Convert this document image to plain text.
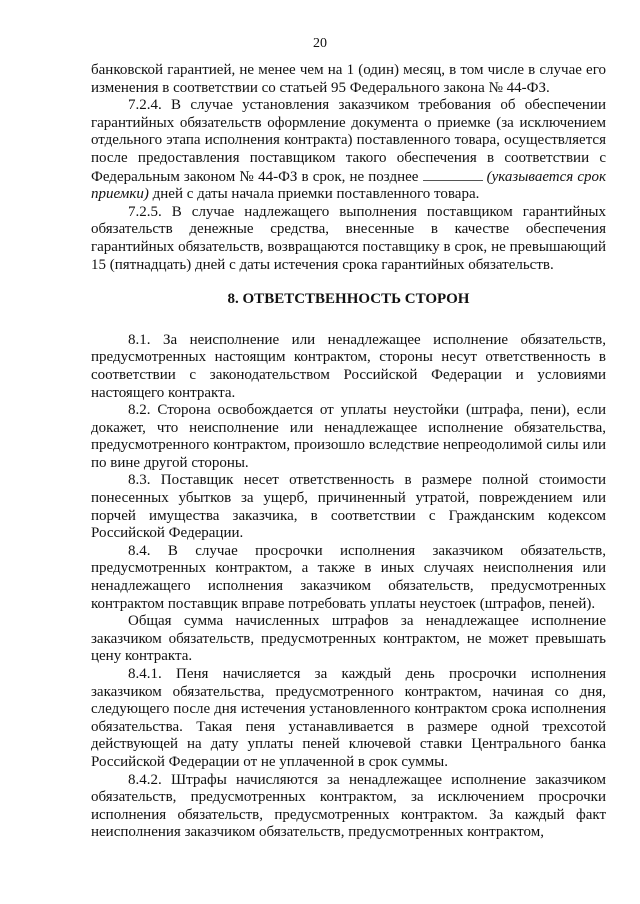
20

банковской гарантией, не менее чем на 1 (один) месяц, в том числе в случае его изменения в соответствии со статьей 95 Федерального закона № 44-ФЗ.

7.2.4. В случае установления заказчиком требования об обеспечении гарантийных обязательств оформление документа о приемке (за исключением отдельного этапа исполнения контракта) поставленного товара, осуществляется после предоставления поставщиком такого обеспечения в соответствии с Федеральным законом № 44-ФЗ в срок, не позднее	(указывается срок приемки) дней с даты начала приемки поставленного товара.

7.2.5. В случае надлежащего выполнения поставщиком гарантийных обязательств денежные средства, внесенные в качестве обеспечения гарантийных обязательств, возвращаются поставщику в срок, не превышающий 15 (пятнадцать) дней с даты истечения срока гарантийных обязательств.

8. ОТВЕТСТВЕННОСТЬ СТОРОН

8.1. За неисполнение или ненадлежащее исполнение обязательств, предусмотренных настоящим контрактом, стороны несут ответственность в соответствии с законодательством Российской Федерации и условиями настоящего контракта.

8.2. Сторона освобождается от уплаты неустойки (штрафа, пени), если докажет, что неисполнение или ненадлежащее исполнение обязательства, предусмотренного контрактом, произошло вследствие непреодолимой силы или по вине другой стороны.

8.3. Поставщик несет ответственность в размере полной стоимости понесенных убытков за ущерб, причиненный утратой, повреждением или порчей имущества заказчика, в соответствии с Гражданским кодексом Российской Федерации.

8.4. В случае просрочки исполнения заказчиком обязательств, предусмотренных контрактом, а также в иных случаях неисполнения или ненадлежащего исполнения заказчиком обязательств, предусмотренных контрактом поставщик вправе потребовать уплаты неустоек (штрафов, пеней).

Общая сумма начисленных штрафов за ненадлежащее исполнение заказчиком обязательств, предусмотренных контрактом, не может превышать цену контракта.

8.4.1. Пеня начисляется за каждый день просрочки исполнения заказчиком обязательства, предусмотренного контрактом, начиная со дня, следующего после дня истечения установленного контрактом срока исполнения обязательства. Такая пеня устанавливается в размере одной трехсотой действующей на дату уплаты пеней ключевой ставки Центрального банка Российской Федерации от не уплаченной в срок суммы.

8.4.2. Штрафы начисляются за ненадлежащее исполнение заказчиком обязательств, предусмотренных контрактом, за исключением просрочки исполнения обязательств, предусмотренных контрактом. За каждый факт неисполнения заказчиком обязательств, предусмотренных контрактом,
